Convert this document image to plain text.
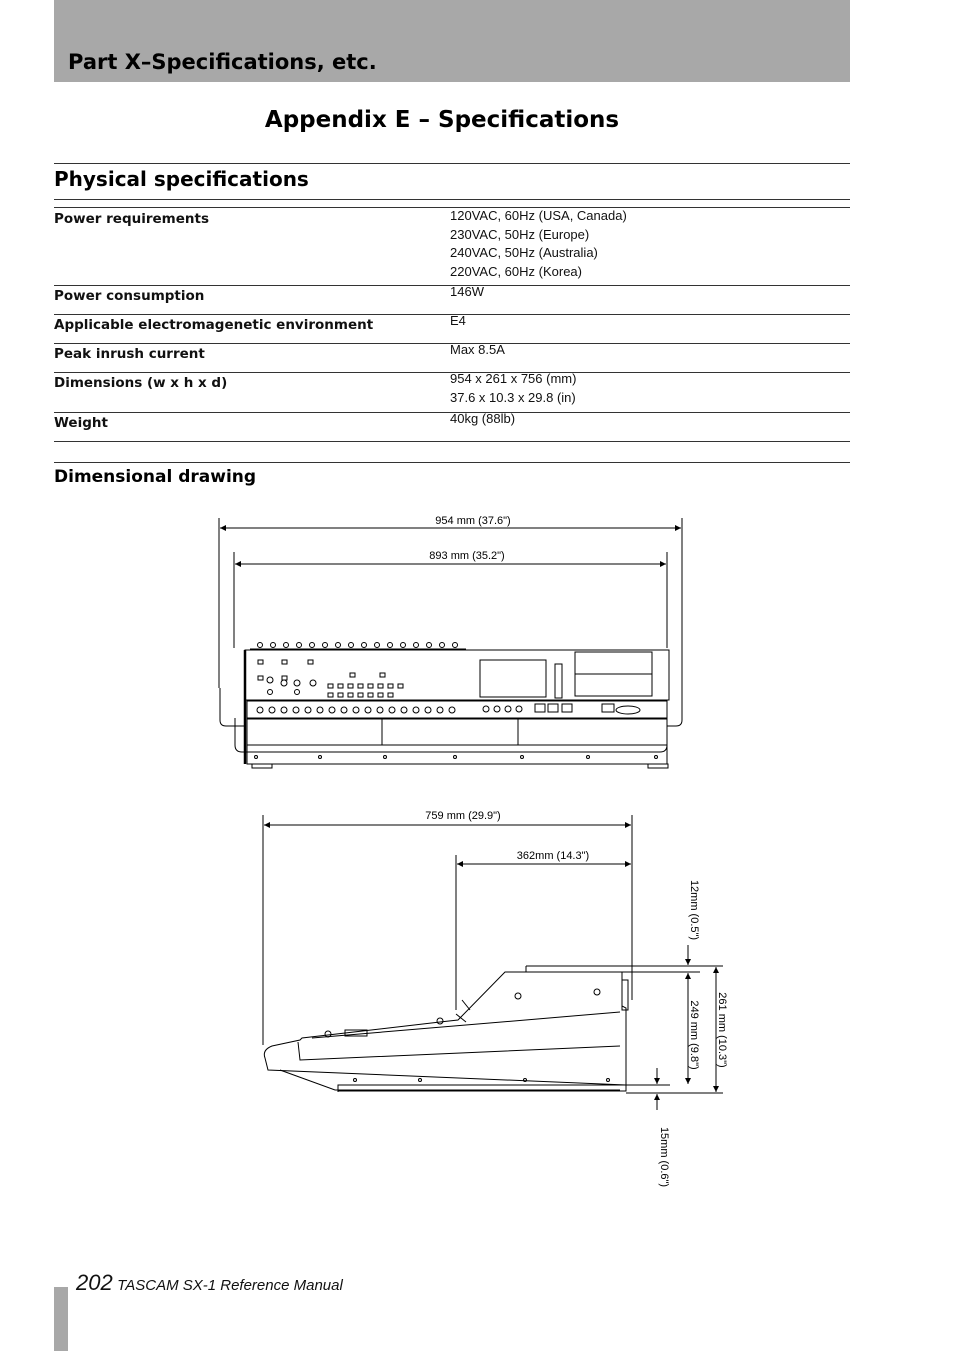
Part X–Specifications, etc.
Appendix E – Specifications
Physical specifications
Power requirements	120VAC, 60Hz (USA, Canada)
230VAC, 50Hz (Europe)
240VAC, 50Hz (Australia)
220VAC, 60Hz (Korea)
Power consumption	146W
Applicable electromagenetic environment	E4
Peak inrush current	Max 8.5A
Dimensions (w x h x d)	954 x 261 x 756 (mm)
37.6 x 10.3 x 29.8 (in)
Weight	40kg (88lb)
Dimensional drawing
954 mm (37.6")
893 mm (35.2")
759 mm (29.9")
362mm (14.3")
12mm (0.5")
249 mm (9.8") 261 mm (10.3")
15mm (0.6")
202 TASCAM SX-1 Reference Manual
